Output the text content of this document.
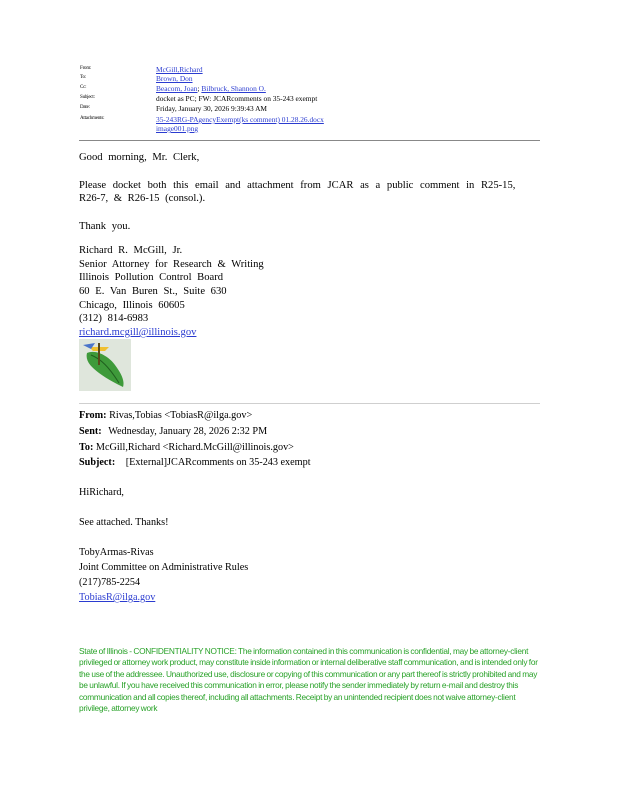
From:	McGill,Richard
To:	Brown, Don
Cc:	Beacom, Joan; Bilbruck, Shannon O.
Subject:	docket as PC; FW: JCARcomments on 35-243 exempt
Date:	Friday, January 30, 2026 9:39:43 AM
Attachments:	35-243RG-PAgencyExempt(ks comment) 01.28.26.docx
image001.png
Good morning, Mr. Clerk,
Please docket both this email and attachment from JCAR as a public comment in R25-15,
R26-7, & R26-15 (consol.).
Thank you.
Richard R. McGill, Jr.
Senior Attorney for Research & Writing
Illinois Pollution Control Board
60 E. Van Buren St., Suite 630
Chicago, Illinois 60605
(312) 814-6983
richard.mcgill@illinois.gov
From: Rivas,Tobias <TobiasR@ilga.gov>
Sent: Wednesday, January 28, 2026 2:32 PM
To: McGill,Richard <Richard.McGill@illinois.gov>
Subject: [External]JCARcomments on 35-243 exempt
HiRichard,
See attached. Thanks!
TobyArmas-Rivas
Joint Committee on Administrative Rules
(217)785-2254
TobiasR@ilga.gov
State of Illinois - CONFIDENTIALITY NOTICE: The information contained in this communication is confidential, may be attorney-client privileged or attorney work product, may constitute inside information or internal deliberative staff communication, and is intended only for the use of the addressee. Unauthorized use, disclosure or copying of this communication or any part thereof is strictly prohibited and may be unlawful. If you have received this communication in error, please notify the sender immediately by return e-mail and destroy this communication and all copies thereof, including all attachments. Receipt by an unintended recipient does not waive attorney-client privilege, attorney work
